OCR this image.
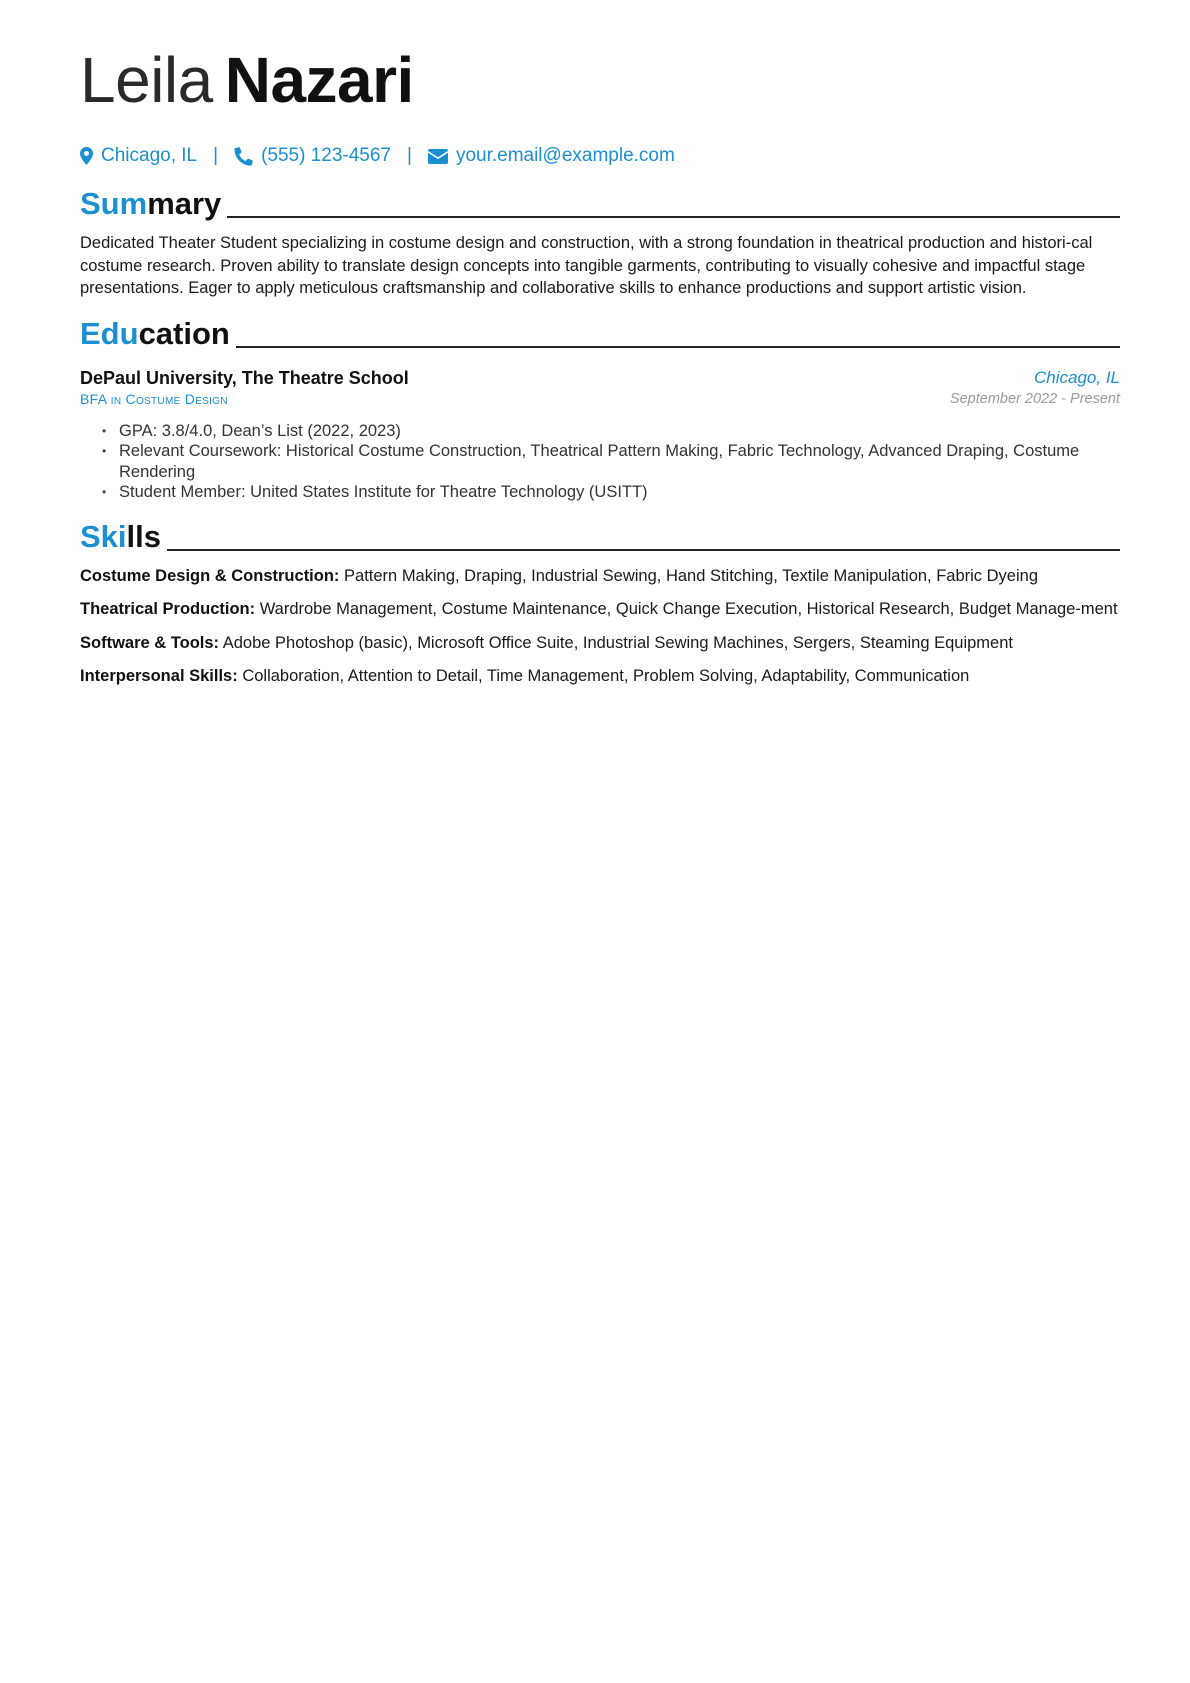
Leila Nazari
Chicago, IL | (555) 123-4567 | your.email@example.com
Summary

Dedicated Theater Student specializing in costume design and construction, with a strong foundation in theatrical production and histori-cal costume research. Proven ability to translate design concepts into tangible garments, contributing to visually cohesive and impactful stage presentations. Eager to apply meticulous craftsmanship and collaborative skills to enhance productions and support artistic vision.

Education
DePaul University, The Theatre School	Chicago, IL
BFA in Costume Design	September 2022 - Present
• GPA: 3.8/4.0, Dean’s List (2022, 2023)
• Relevant Coursework: Historical Costume Construction, Theatrical Pattern Making, Fabric Technology, Advanced Draping, Costume Rendering
• Student Member: United States Institute for Theatre Technology (USITT)
Skills
Costume Design & Construction: Pattern Making, Draping, Industrial Sewing, Hand Stitching, Textile Manipulation, Fabric Dyeing
Theatrical Production: Wardrobe Management, Costume Maintenance, Quick Change Execution, Historical Research, Budget Manage-ment
Software & Tools: Adobe Photoshop (basic), Microsoft Office Suite, Industrial Sewing Machines, Sergers, Steaming Equipment
Interpersonal Skills: Collaboration, Attention to Detail, Time Management, Problem Solving, Adaptability, Communication
